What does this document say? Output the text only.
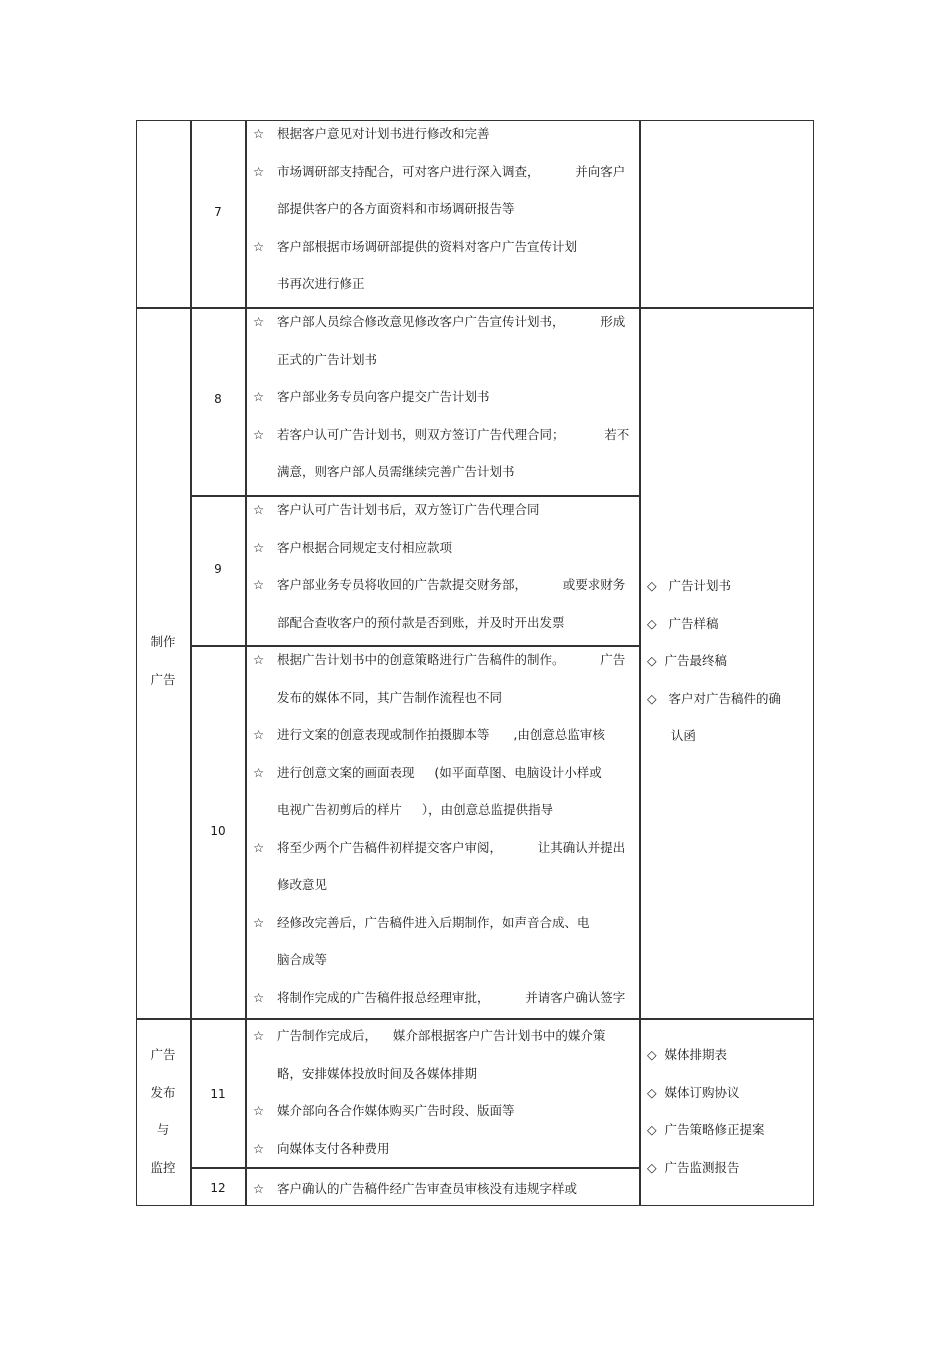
制作
广告
广告
发布
与
监控
7
8
9
10
11
12
☆ 根据客户意见对计划书进行修改和完善
☆ 市场调研部支持配合，可对客户进行深入调查，         并向客户
部提供客户的各方面资料和市场调研报告等
☆ 客户部根据市场调研部提供的资料对客户广告宣传计划
书再次进行修正
☆ 客户部人员综合修改意见修改客户广告宣传计划书，         形成
正式的广告计划书
☆ 客户部业务专员向客户提交广告计划书
☆ 若客户认可广告计划书，则双方签订广告代理合同；          若不
满意，则客户部人员需继续完善广告计划书
☆ 客户认可广告计划书后，双方签订广告代理合同
☆ 客户根据合同规定支付相应款项
☆ 客户部业务专员将收回的广告款提交财务部，         或要求财务
部配合查收客户的预付款是否到账，并及时开出发票
☆ 根据广告计划书中的创意策略进行广告稿件的制作。         广告
发布的媒体不同，其广告制作流程也不同
☆ 进行文案的创意表现或制作拍摄脚本等      ,由创意总监审核
☆ 进行创意文案的画面表现     (如平面草图、电脑设计小样或
电视广告初剪后的样片     ），由创意总监提供指导
☆ 将至少两个广告稿件初样提交客户审阅，         让其确认并提出
修改意见
☆ 经修改完善后，广告稿件进入后期制作，如声音合成、电
脑合成等
☆ 将制作完成的广告稿件报总经理审批，         并请客户确认签字
☆ 广告制作完成后，    媒介部根据客户广告计划书中的媒介策
略，安排媒体投放时间及各媒体排期
☆ 媒介部向各合作媒体购买广告时段、版面等
☆ 向媒体支付各种费用
☆ 客户确认的广告稿件经广告审查员审核没有违规字样或
◇   广告计划书
◇   广告样稿
◇  广告最终稿
◇   客户对广告稿件的确
认函
◇  媒体排期表
◇  媒体订购协议
◇  广告策略修正提案
◇  广告监测报告
